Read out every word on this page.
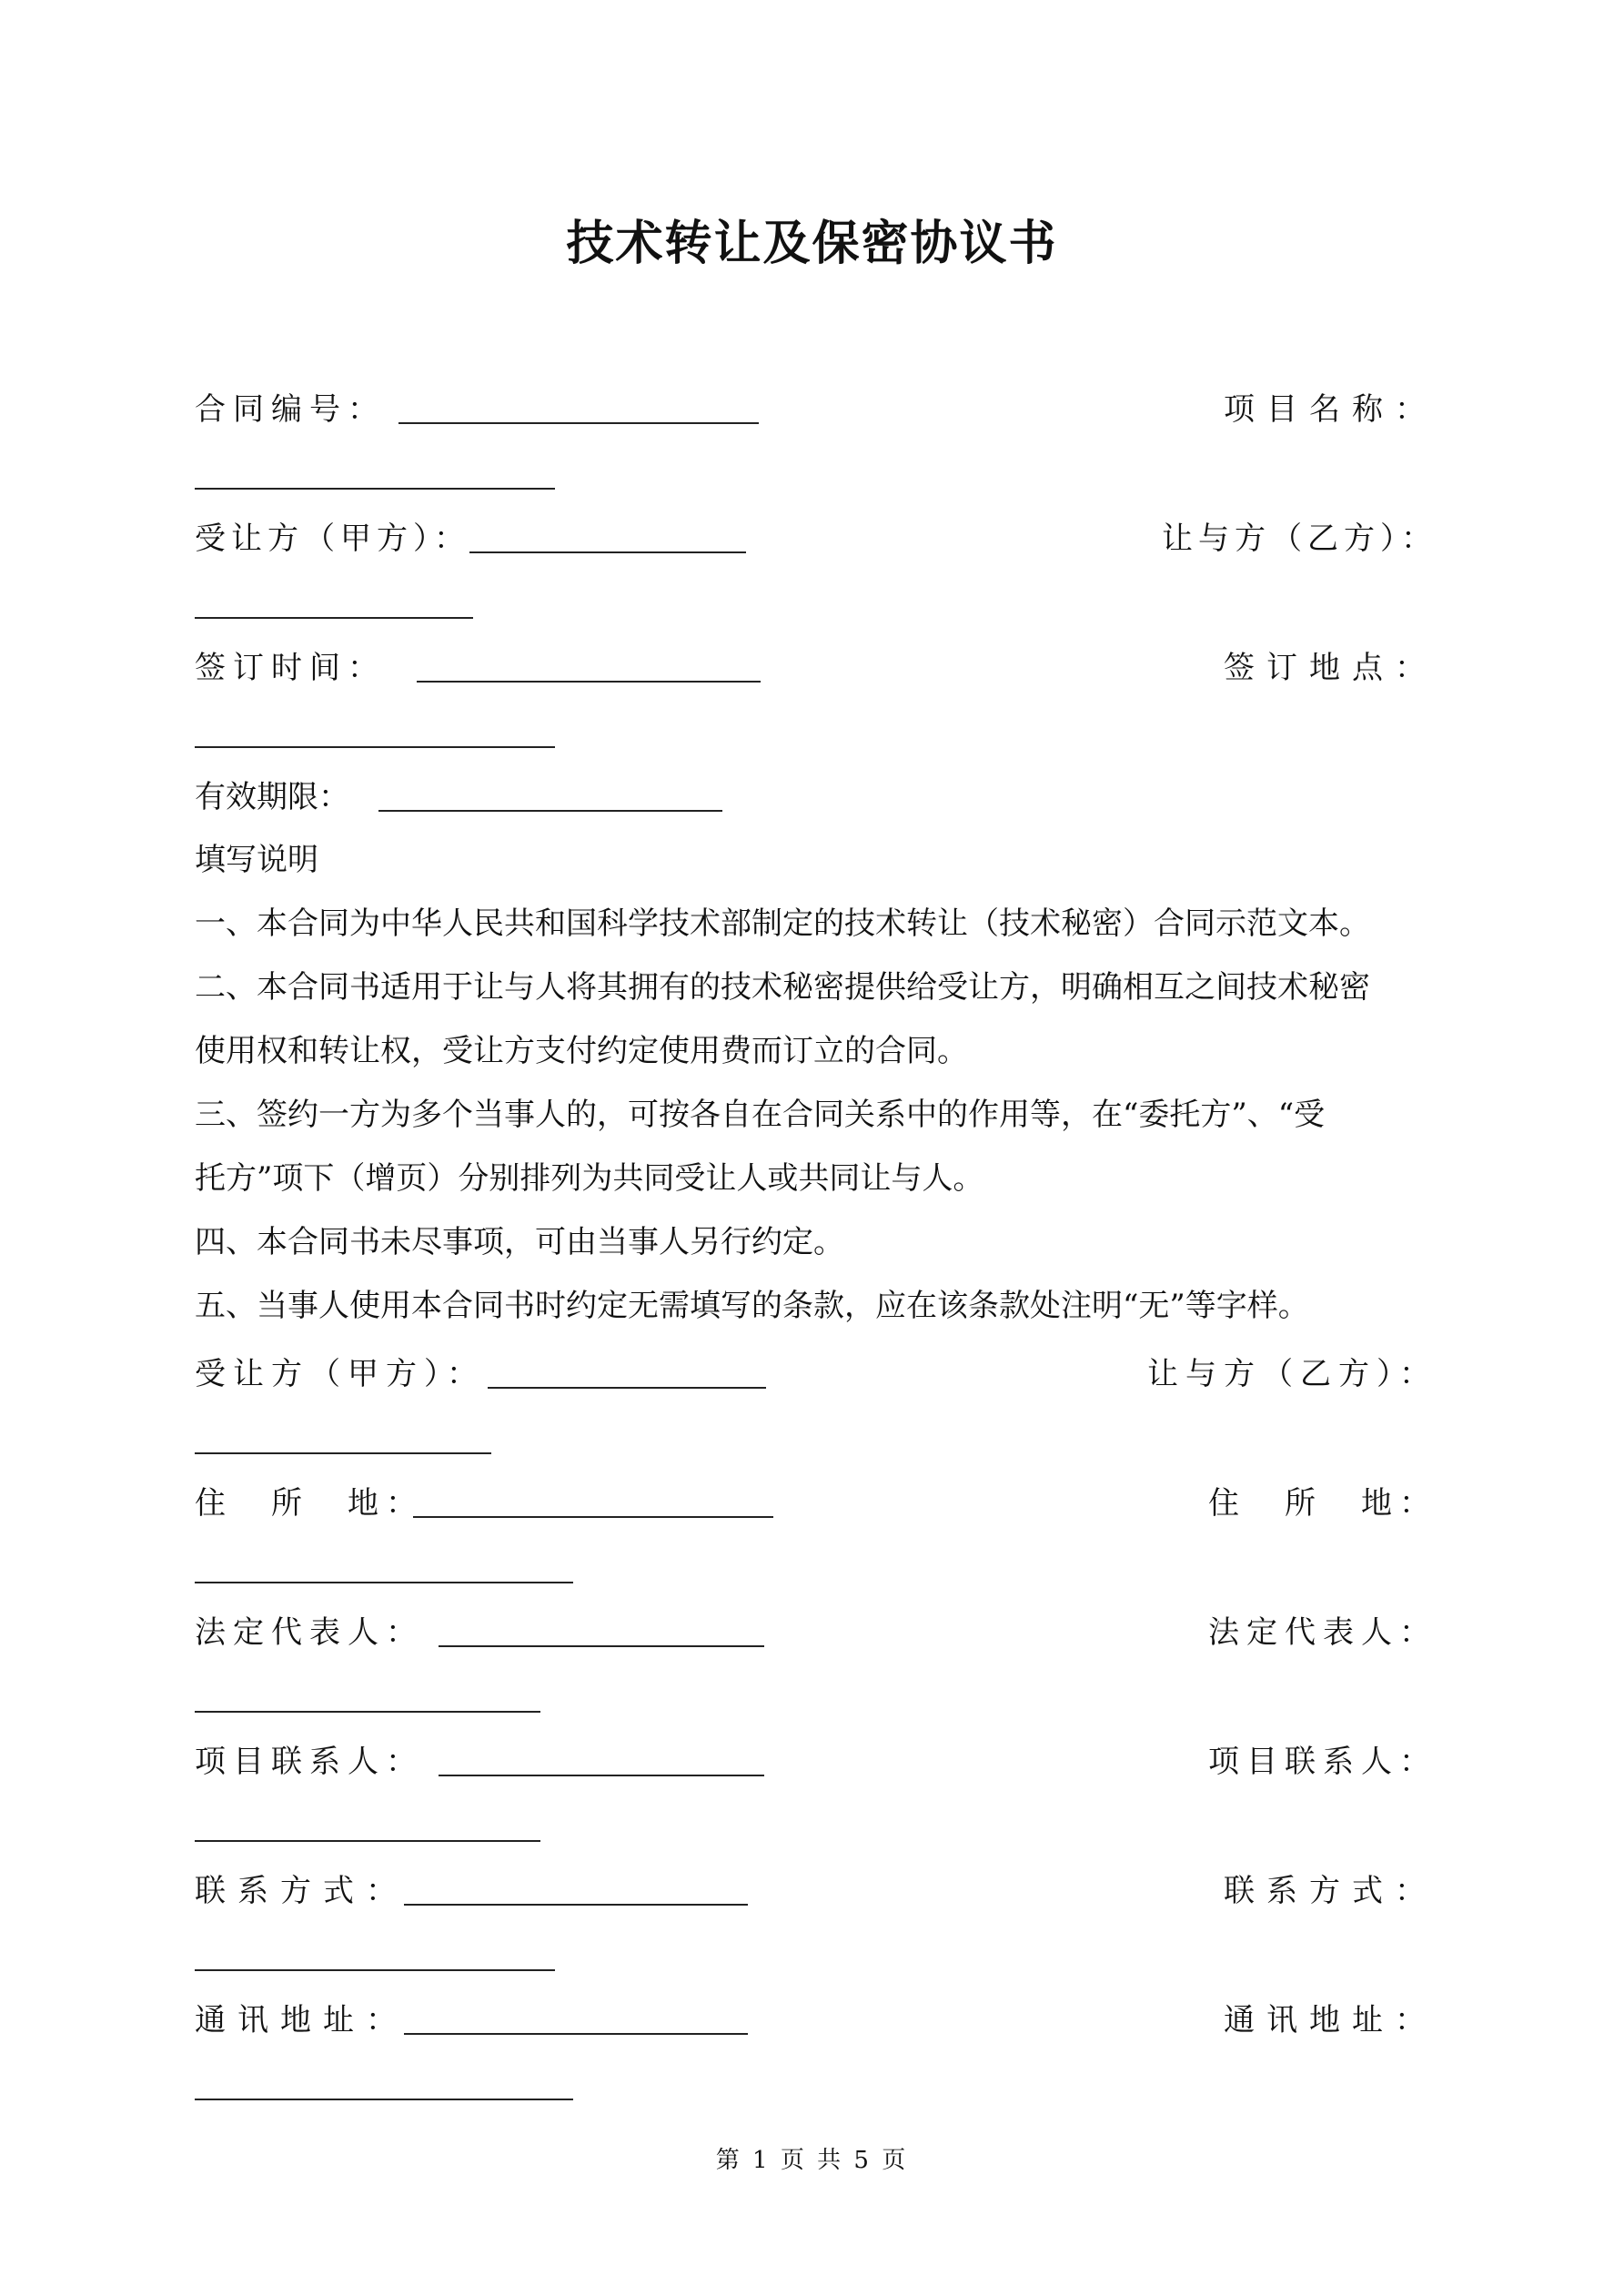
技术转让及保密协议书
合同编号：	项目名称：
受让方（甲方）：	让与方（乙方）：
签订时间：	签订地点：
有效期限：
填写说明
一、本合同为中华人民共和国科学技术部制定的技术转让（技术秘密）合同示范文本。
二、本合同书适用于让与人将其拥有的技术秘密提供给受让方，明确相互之间技术秘密
使用权和转让权，受让方支付约定使用费而订立的合同。
三、签约一方为多个当事人的，可按各自在合同关系中的作用等，在“委托方”、“受
托方”项下（增页）分别排列为共同受让人或共同让与人。
四、本合同书未尽事项，可由当事人另行约定。
五、当事人使用本合同书时约定无需填写的条款，应在该条款处注明“无”等字样。
受让方（甲方）：	让与方（乙方）：
住　所　地：	住　所　地：
法定代表人：	法定代表人：
项目联系人：	项目联系人：
联系方式：	联系方式：
通讯地址：	通讯地址：
第 1 页 共 5 页
